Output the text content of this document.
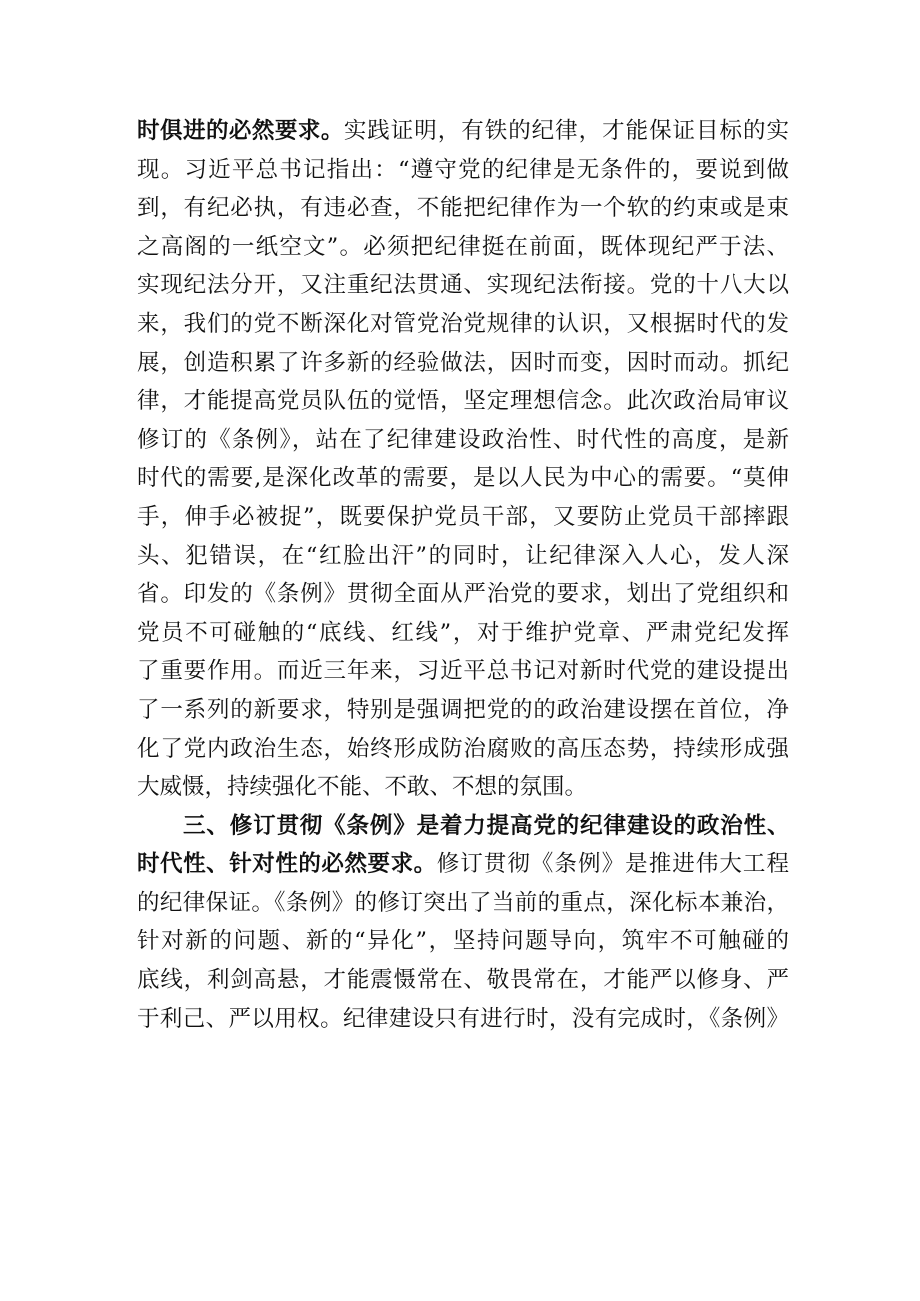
时俱进的必然要求。实践证明，有铁的纪律，才能保证目标的实
现。习近平总书记指出：“遵守党的纪律是无条件的，要说到做
到，有纪必执，有违必查，不能把纪律作为一个软的约束或是束
之高阁的一纸空文”。必须把纪律挺在前面，既体现纪严于法、
实现纪法分开，又注重纪法贯通、实现纪法衔接。党的十八大以
来，我们的党不断深化对管党治党规律的认识，又根据时代的发
展，创造积累了许多新的经验做法，因时而变，因时而动。抓纪
律，才能提高党员队伍的觉悟，坚定理想信念。此次政治局审议
修订的《条例》，站在了纪律建设政治性、时代性的高度，是新
时代的需要,是深化改革的需要，是以人民为中心的需要。“莫伸
手，伸手必被捉”，既要保护党员干部，又要防止党员干部摔跟
头、犯错误，在“红脸出汗”的同时，让纪律深入人心，发人深
省。印发的《条例》贯彻全面从严治党的要求，划出了党组织和
党员不可碰触的“底线、红线”，对于维护党章、严肃党纪发挥
了重要作用。而近三年来，习近平总书记对新时代党的建设提出
了一系列的新要求，特别是强调把党的的政治建设摆在首位，净
化了党内政治生态，始终形成防治腐败的高压态势，持续形成强
大威慑，持续强化不能、不敢、不想的氛围。
三、修订贯彻《条例》是着力提高党的纪律建设的政治性、
时代性、针对性的必然要求。修订贯彻《条例》是推进伟大工程
的纪律保证。《条例》的修订突出了当前的重点，深化标本兼治，
针对新的问题、新的“异化”，坚持问题导向，筑牢不可触碰的
底线，利剑高悬，才能震慑常在、敬畏常在，才能严以修身、严
于利己、严以用权。纪律建设只有进行时，没有完成时，《条例》
